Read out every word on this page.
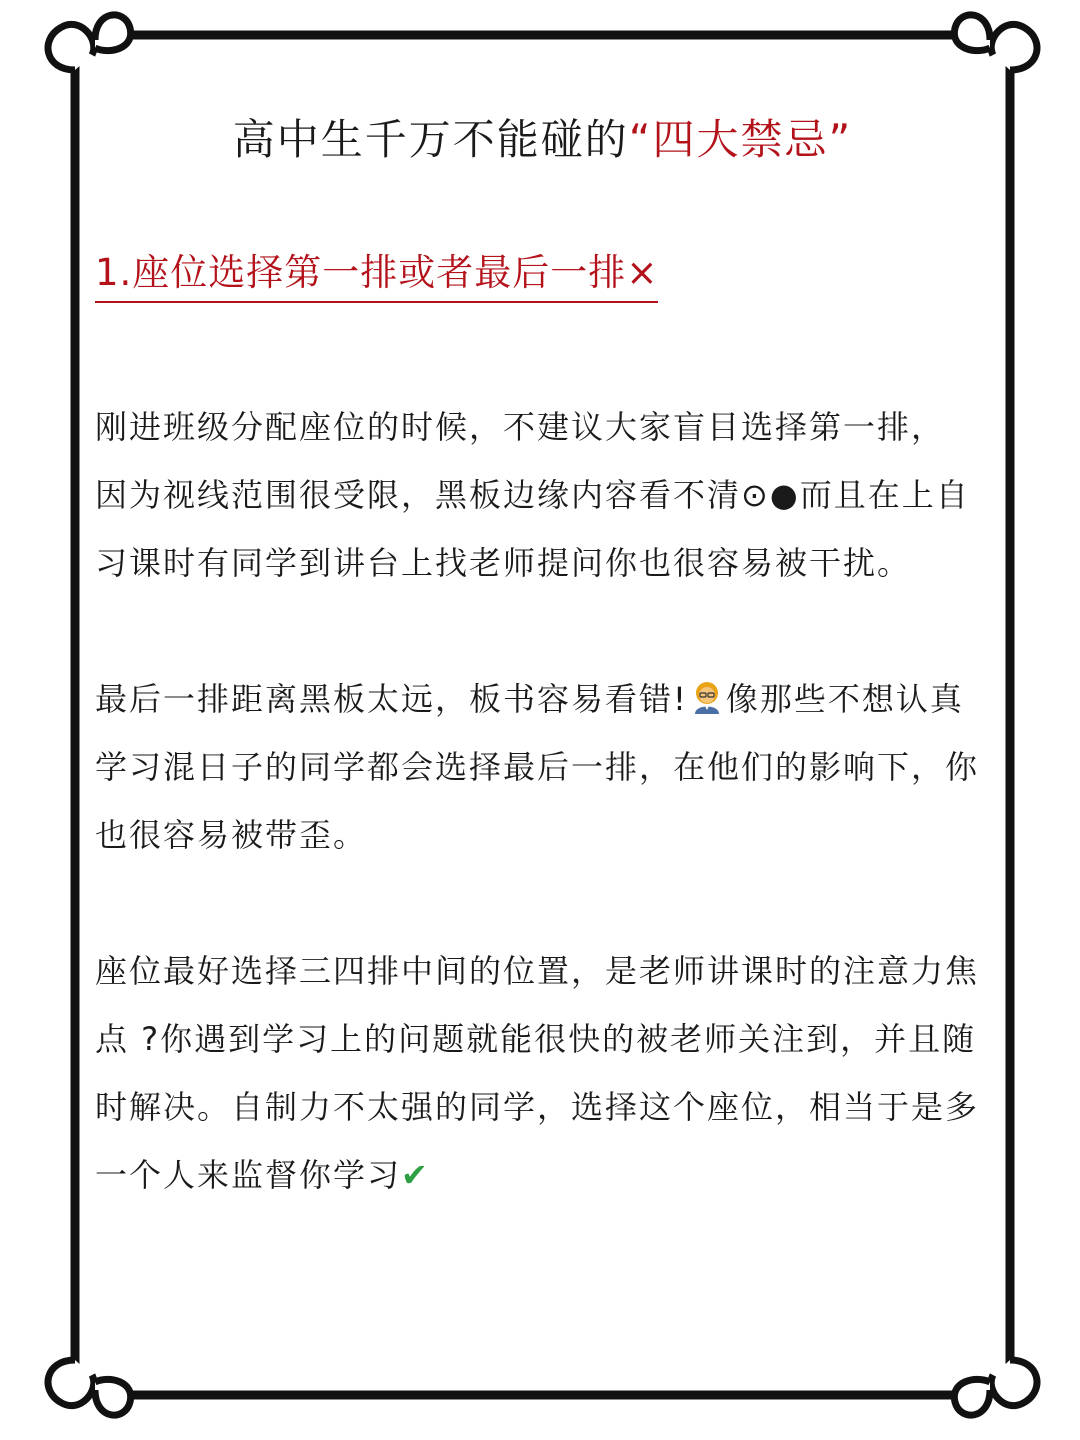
高中生千万不能碰的“四大禁忌”
1.座位选择第一排或者最后一排×

刚进班级分配座位的时候，不建议大家盲目选择第一排， 因为视线范围很受限，黑板边缘内容看不清⊙●而且在上自习课时有同学到讲台上找老师提问你也很容易被干扰。

最后一排距离黑板太远，板书容易看错! 像那些不想认真学习混日子的同学都会选择最后一排，在他们的影响下，你也很容易被带歪。

座位最好选择三四排中间的位置，是老师讲课时的注意力焦点 ?你遇到学习上的问题就能很快的被老师关注到，并且随时解决。自制力不太强的同学，选择这个座位，相当于是多一个人来监督你学习✔
